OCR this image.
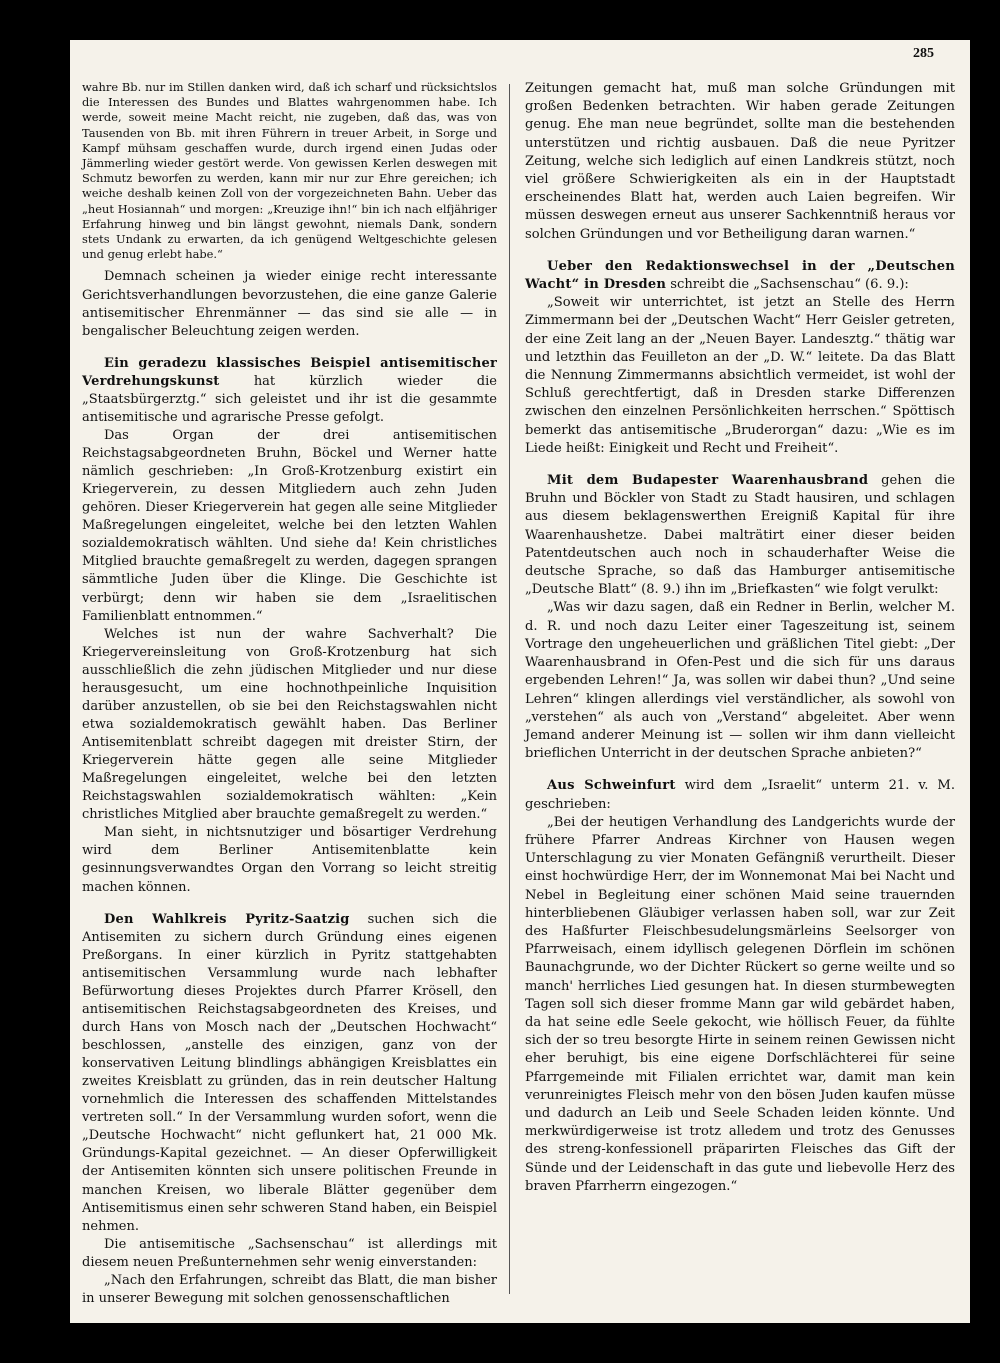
285

wahre Bb. nur im Stillen danken wird, daß ich scharf und rücksichtslos die Interessen des Bundes und Blattes wahrgenommen habe. Ich werde, soweit meine Macht reicht, nie zugeben, daß das, was von Tausenden von Bb. mit ihren Führern in treuer Arbeit, in Sorge und Kampf mühsam geschaffen wurde, durch irgend einen Judas oder Jämmerling wieder gestört werde. Von gewissen Kerlen deswegen mit Schmutz beworfen zu werden, kann mir nur zur Ehre gereichen; ich weiche deshalb keinen Zoll von der vorgezeichneten Bahn. Ueber das „heut Hosiannah“ und morgen: „Kreuzige ihn!“ bin ich nach elfjähriger Erfahrung hinweg und bin längst gewohnt, niemals Dank, sondern stets Undank zu erwarten, da ich genügend Weltgeschichte gelesen und genug erlebt habe.“

Demnach scheinen ja wieder einige recht interessante Gerichtsverhandlungen bevorzustehen, die eine ganze Galerie antisemitischer Ehrenmänner — das sind sie alle — in bengalischer Beleuchtung zeigen werden.

Ein geradezu klassisches Beispiel antisemitischer Verdrehungskunst	hat kürzlich wieder die „Staatsbürgerztg.“ sich geleistet und ihr ist die gesammte antisemitische und agrarische Presse gefolgt.

Das Organ der drei antisemitischen Reichstagsabgeordneten Bruhn, Böckel und Werner hatte nämlich geschrieben: „In Groß-Krotzenburg existirt ein Kriegerverein, zu dessen Mitgliedern auch zehn Juden gehören. Dieser Kriegerverein hat gegen alle seine Mitglieder Maßregelungen eingeleitet, welche bei den letzten Wahlen sozialdemokratisch wählten. Und siehe da! Kein christliches Mitglied brauchte gemaßregelt zu werden, dagegen sprangen sämmtliche Juden über die Klinge. Die Geschichte ist verbürgt; denn wir haben sie dem „Israelitischen Familienblatt entnommen.“

Welches ist nun der wahre Sachverhalt? Die Kriegervereinsleitung von Groß-Krotzenburg hat sich ausschließlich die zehn jüdischen Mitglieder und nur diese herausgesucht, um eine hochnothpeinliche Inquisition darüber anzustellen, ob sie bei den Reichstagswahlen nicht etwa sozialdemokratisch gewählt haben. Das Berliner Antisemitenblatt schreibt dagegen mit dreister Stirn, der Kriegerverein hätte gegen alle seine Mitglieder Maßregelungen eingeleitet, welche bei den letzten Reichstagswahlen sozialdemokratisch wählten: „Kein christliches Mitglied aber brauchte gemaßregelt zu werden.“

Man sieht, in nichtsnutziger und bösartiger Verdrehung wird dem Berliner Antisemitenblatte kein gesinnungsverwandtes Organ den Vorrang so leicht streitig machen können.

Den Wahlkreis Pyritz-Saatzig suchen sich die Antisemiten zu sichern durch Gründung eines eigenen Preßorgans. In einer kürzlich in Pyritz stattgehabten antisemitischen Versammlung wurde nach lebhafter Befürwortung dieses Projektes durch Pfarrer Krösell, den antisemitischen Reichstagsabgeordneten des Kreises, und durch Hans von Mosch nach der „Deutschen Hochwacht“ beschlossen, „anstelle des einzigen, ganz von der konservativen Leitung blindlings abhängigen Kreisblattes ein zweites Kreisblatt zu gründen, das in rein deutscher Haltung vornehmlich die Interessen des schaffenden Mittelstandes vertreten soll.“ In der Versammlung wurden sofort, wenn die „Deutsche Hochwacht“ nicht geflunkert hat, 21 000 Mk. Gründungs-Kapital gezeichnet. — An dieser Opferwilligkeit der Antisemiten könnten sich unsere politischen Freunde in manchen Kreisen, wo liberale Blätter gegenüber dem Antisemitismus einen sehr schweren Stand haben, ein Beispiel nehmen.

Die antisemitische „Sachsenschau“ ist allerdings mit diesem neuen Preßunternehmen sehr wenig einverstanden:

„Nach den Erfahrungen, schreibt das Blatt, die man bisher in unserer Bewegung mit solchen genossenschaftlichen

Zeitungen gemacht hat, muß man solche Gründungen mit großen Bedenken betrachten. Wir haben gerade Zeitungen genug. Ehe man neue begründet, sollte man die bestehenden unterstützen und richtig ausbauen. Daß die neue Pyritzer Zeitung, welche sich lediglich auf einen Landkreis stützt, noch viel größere Schwierigkeiten als ein in der Hauptstadt erscheinendes Blatt hat, werden auch Laien begreifen. Wir müssen deswegen erneut aus unserer Sachkenntniß heraus vor solchen Gründungen und vor Betheiligung daran warnen.“

Ueber den Redaktionswechsel in der „Deutschen Wacht“ in Dresden schreibt die „Sachsenschau“ (6. 9.):

„Soweit wir unterrichtet, ist jetzt an Stelle des Herrn Zimmermann bei der „Deutschen Wacht“ Herr Geisler getreten, der eine Zeit lang an der „Neuen Bayer. Landesztg.“ thätig war und letzthin das Feuilleton an der „D. W.“ leitete. Da das Blatt die Nennung Zimmermanns absichtlich vermeidet, ist wohl der Schluß gerechtfertigt, daß in Dresden starke Differenzen zwischen den einzelnen Persönlichkeiten herrschen.“ Spöttisch bemerkt das antisemitische „Bruderorgan“ dazu: „Wie es im Liede heißt: Einigkeit und Recht und Freiheit“.

Mit dem Budapester Waarenhausbrand gehen die Bruhn und Böckler von Stadt zu Stadt hausiren, und schlagen aus diesem beklagenswerthen Ereigniß Kapital für ihre Waarenhaushetze. Dabei malträtirt einer dieser beiden Patentdeutschen auch noch in schauderhafter Weise die deutsche Sprache, so daß das Hamburger antisemitische „Deutsche Blatt“ (8. 9.) ihn im „Briefkasten“ wie folgt verulkt:

„Was wir dazu sagen, daß ein Redner in Berlin, welcher M. d. R. und noch dazu Leiter einer Tageszeitung ist, seinem Vortrage den ungeheuerlichen und gräßlichen Titel giebt: „Der Waarenhausbrand in Ofen-Pest und die sich für uns daraus ergebenden Lehren!“ Ja, was sollen wir dabei thun? „Und seine Lehren“ klingen allerdings viel verständlicher, als sowohl von „verstehen“ als auch von „Verstand“ abgeleitet. Aber wenn Jemand anderer Meinung ist — sollen wir ihm dann vielleicht brieflichen Unterricht in der deutschen Sprache anbieten?“

Aus Schweinfurt wird dem „Israelit“ unterm 21. v. M. geschrieben:

„Bei der heutigen Verhandlung des Landgerichts wurde der frühere Pfarrer Andreas Kirchner von Hausen wegen Unterschlagung zu vier Monaten Gefängniß verurtheilt. Dieser einst hochwürdige Herr, der im Wonnemonat Mai bei Nacht und Nebel in Begleitung einer schönen Maid seine trauernden hinterbliebenen Gläubiger verlassen haben soll, war zur Zeit des Haßfurter Fleischbesudelungsmärleins Seelsorger von Pfarrweisach, einem idyllisch gelegenen Dörflein im schönen Baunachgrunde, wo der Dichter Rückert so gerne weilte und so manch' herrliches Lied gesungen hat. In diesen sturmbewegten Tagen soll sich dieser fromme Mann gar wild gebärdet haben, da hat seine edle Seele gekocht, wie höllisch Feuer, da fühlte sich der so treu besorgte Hirte in seinem reinen Gewissen nicht eher beruhigt, bis eine eigene Dorfschlächterei für seine Pfarrgemeinde mit Filialen errichtet war, damit man kein verunreinigtes Fleisch mehr von den bösen Juden kaufen müsse und dadurch an Leib und Seele Schaden leiden könnte. Und merkwürdigerweise ist trotz alledem und trotz des Genusses des streng-konfessionell präparirten Fleisches das Gift der Sünde und der Leidenschaft in das gute und liebevolle Herz des braven Pfarrherrn eingezogen.“
